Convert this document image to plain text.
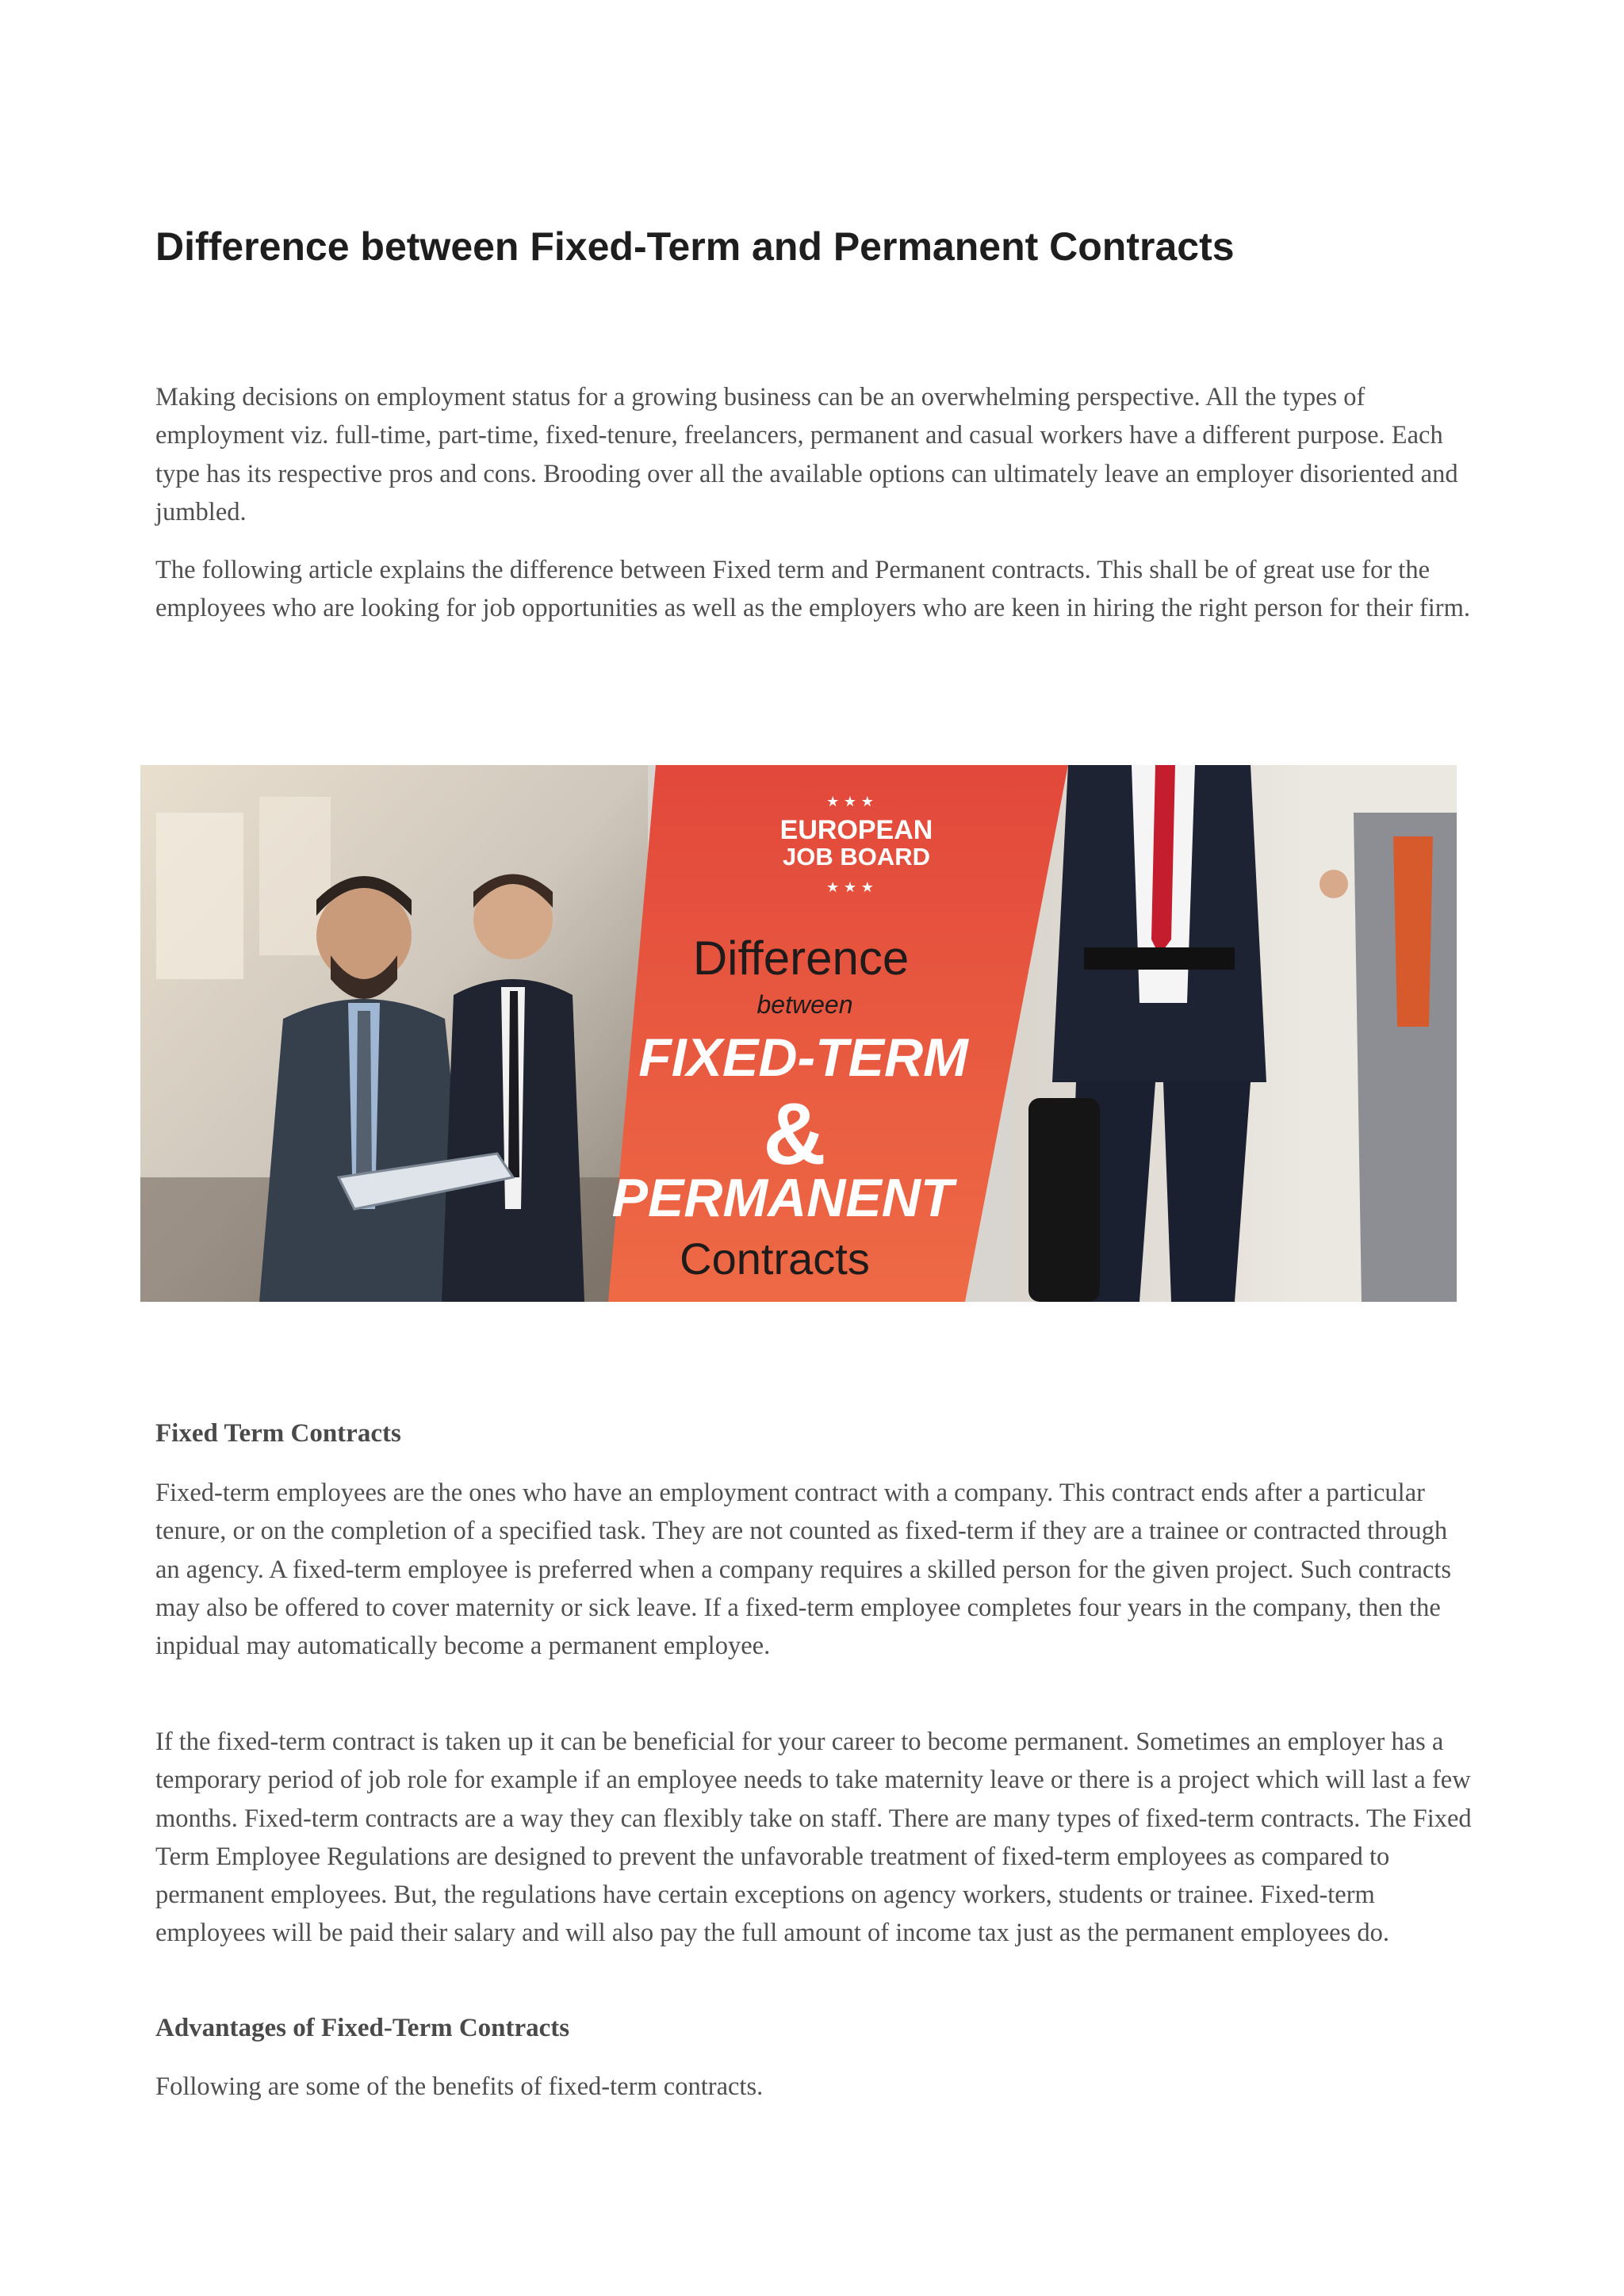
Difference between Fixed-Term and Permanent Contracts

Making decisions on employment status for a growing business can be an overwhelming perspective. All the types of employment viz. full-time, part-time, fixed-tenure, freelancers, permanent and casual workers have a different purpose. Each type has its respective pros and cons. Brooding over all the available options can ultimately leave an employer disoriented and jumbled.

The following article explains the difference between Fixed term and Permanent contracts. This shall be of great use for the employees who are looking for job opportunities as well as the employers who are keen in hiring the right person for their firm.

★ ★ ★
★ ★ ★
EUROPEAN
JOB BOARD
Difference
between
FIXED-TERM
&
PERMANENT
Contracts
Fixed Term Contracts

Fixed-term employees are the ones who have an employment contract with a company. This contract ends after a particular tenure, or on the completion of a specified task. They are not counted as fixed-term if they are a trainee or contracted through an agency. A fixed-term employee is preferred when a company requires a skilled person for the given project. Such contracts may also be offered to cover maternity or sick leave. If a fixed-term employee completes four years in the company, then the inpidual may automatically become a permanent employee.

If the fixed-term contract is taken up it can be beneficial for your career to become permanent. Sometimes an employer has a temporary period of job role for example if an employee needs to take maternity leave or there is a project which will last a few months. Fixed-term contracts are a way they can flexibly take on staff. There are many types of fixed-term contracts. The Fixed Term Employee Regulations are designed to prevent the unfavorable treatment of fixed-term employees as compared to permanent employees. But, the regulations have certain exceptions on agency workers, students or trainee. Fixed-term employees will be paid their salary and will also pay the full amount of income tax just as the permanent employees do.

Advantages of Fixed-Term Contracts

Following are some of the benefits of fixed-term contracts.
